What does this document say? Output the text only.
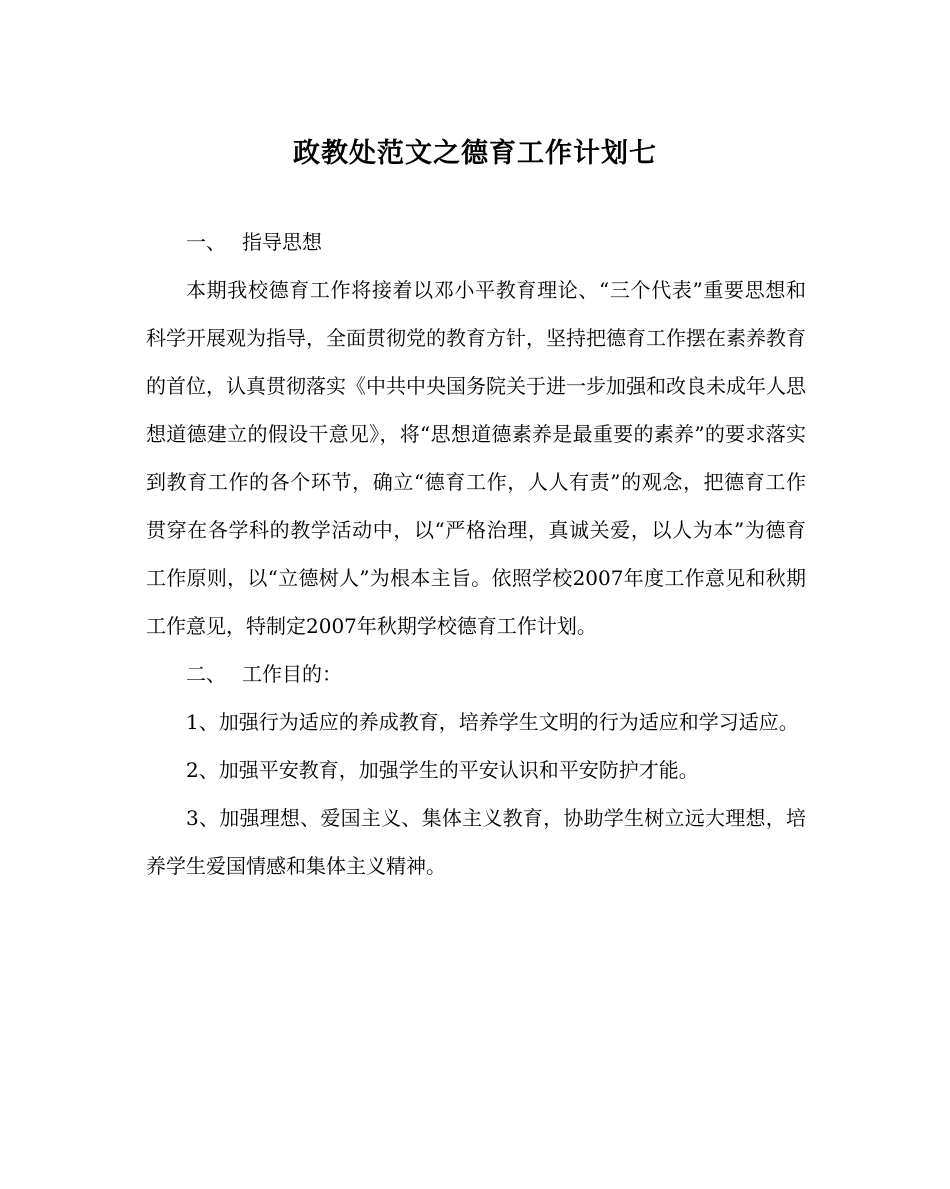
政教处范文之德育工作计划七
一、 指导思想

本期我校德育工作将接着以邓小平教育理论、“三个代表”重要思想和科学开展观为指导，全面贯彻党的教育方针，坚持把德育工作摆在素养教育的首位，认真贯彻落实《中共中央国务院关于进一步加强和改良未成年人思想道德建立的假设干意见》，将“思想道德素养是最重要的素养”的要求落实到教育工作的各个环节，确立“德育工作，人人有责”的观念，把德育工作贯穿在各学科的教学活动中，以“严格治理，真诚关爱，以人为本”为德育工作原则，以“立德树人”为根本主旨。依照学校2007年度工作意见和秋期工作意见，特制定2007年秋期学校德育工作计划。

二、 工作目的：

1、加强行为适应的养成教育，培养学生文明的行为适应和学习适应。

2、加强平安教育，加强学生的平安认识和平安防护才能。

3、加强理想、爱国主义、集体主义教育，协助学生树立远大理想，培养学生爱国情感和集体主义精神。
